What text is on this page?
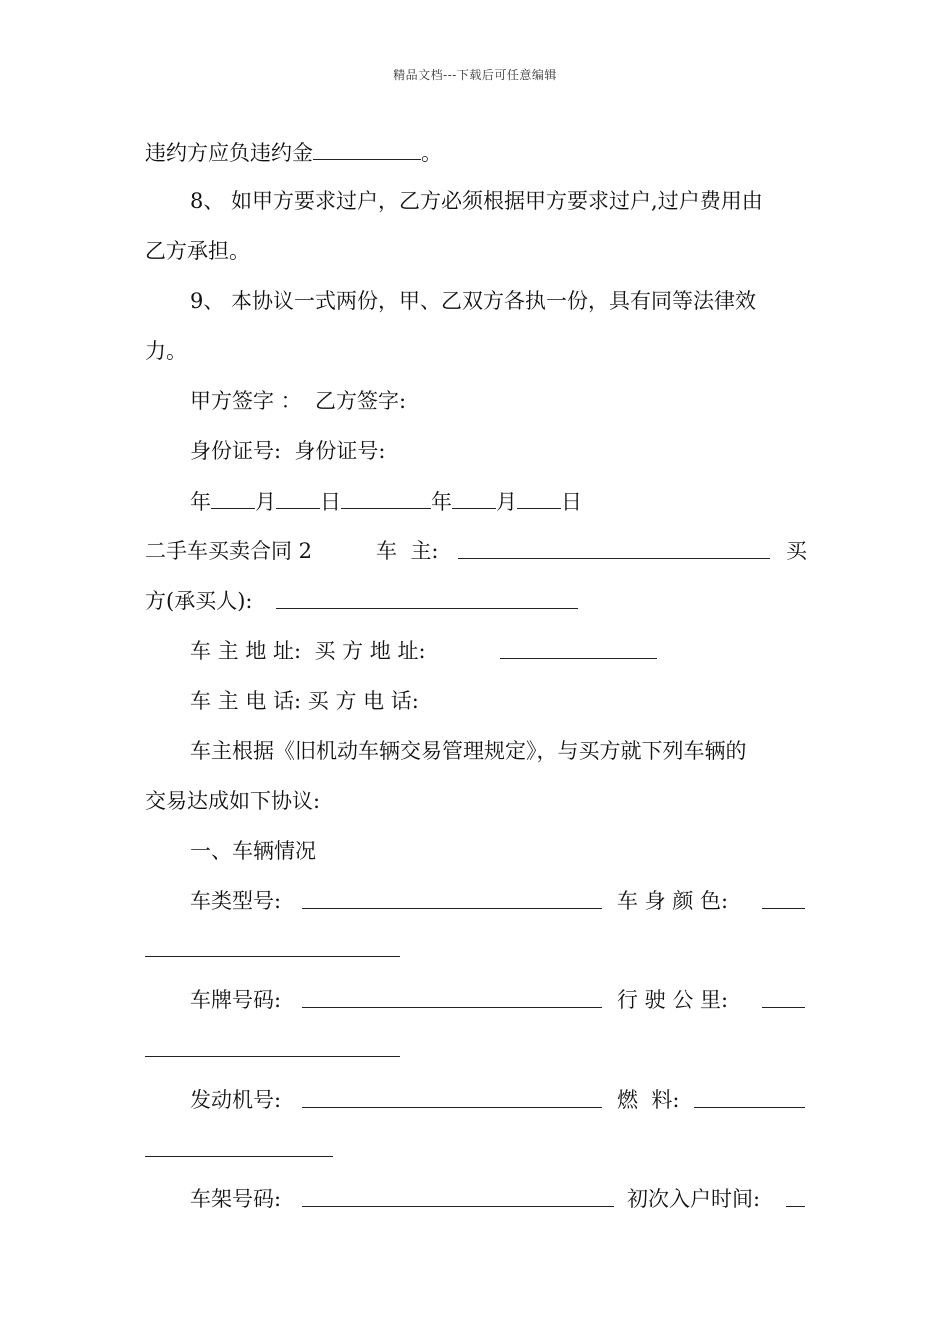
精品文档---下载后可任意编辑
违约方应负违约金	。
8、 如甲方要求过户，乙方必须根据甲方要求过户,过户费用由
乙方承担。
9、 本协议一式两份，甲、乙双方各执一份，具有同等法律效
力。
甲方签字 ：  乙方签字:
身份证号:  身份证号:
年 月 日	年 月 日
二手车买卖合同 2	车  主:	买
方(承买人):
车 主 地 址:  买 方 地 址:
车 主 电 话: 买 方 电 话:
车主根据《旧机动车辆交易管理规定》，与买方就下列车辆的
交易达成如下协议:
一、车辆情况
车类型号:	车 身 颜 色:
车牌号码:	行 驶 公 里:
发动机号:	燃  料:
车架号码:	初次入户时间:
